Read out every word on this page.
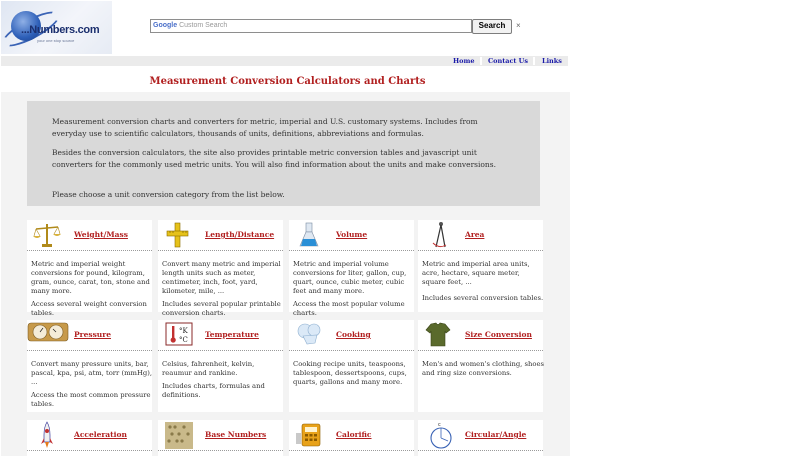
...Numbers.com
your one stop source
Google Custom Search	Search	×
Home Contact Us Links
Measurement Conversion Calculators and Charts

Measurement conversion charts and converters for metric, imperial and U.S. customary systems. Includes from everyday use to scientific calculators, thousands of units, definitions, abbreviations and formulas.

Besides the conversion calculators, the site also provides printable metric conversion tables and javascript unit converters for the commonly used metric units. You will also find information about the units and make conversions.

Please choose a unit conversion category from the list below.

Weight/Mass
Metric and imperial weight conversions for pound, kilogram, gram, ounce, carat, ton, stone and many more.
Access several weight conversion tables.
Length/Distance
Convert many metric and imperial length units such as meter, centimeter, inch, foot, yard, kilometer, mile, ...
Includes several popular printable conversion charts.
Volume
Metric and imperial volume conversions for liter, gallon, cup, quart, ounce, cubic meter, cubic feet and many more.
Access the most popular volume charts.
Area
Metric and imperial area units, acre, hectare, square meter, square feet, ...
Includes several conversion tables.
Pressure
Convert many pressure units, bar, pascal, kpa, psi, atm, torr (mmHg), ...
Access the most common pressure tables.
°K
°C
Temperature
Celsius, fahrenheit, kelvin, reaumur and rankine.
Includes charts, formulas and definitions.
Cooking
Cooking recipe units, teaspoons, tablespoon, dessertspoons, cups, quarts, gallons and many more.
Size Conversion
Men's and women's clothing, shoes and ring size conversions.
Acceleration	Base Numbers	Calorific
c
Circular/Angle
